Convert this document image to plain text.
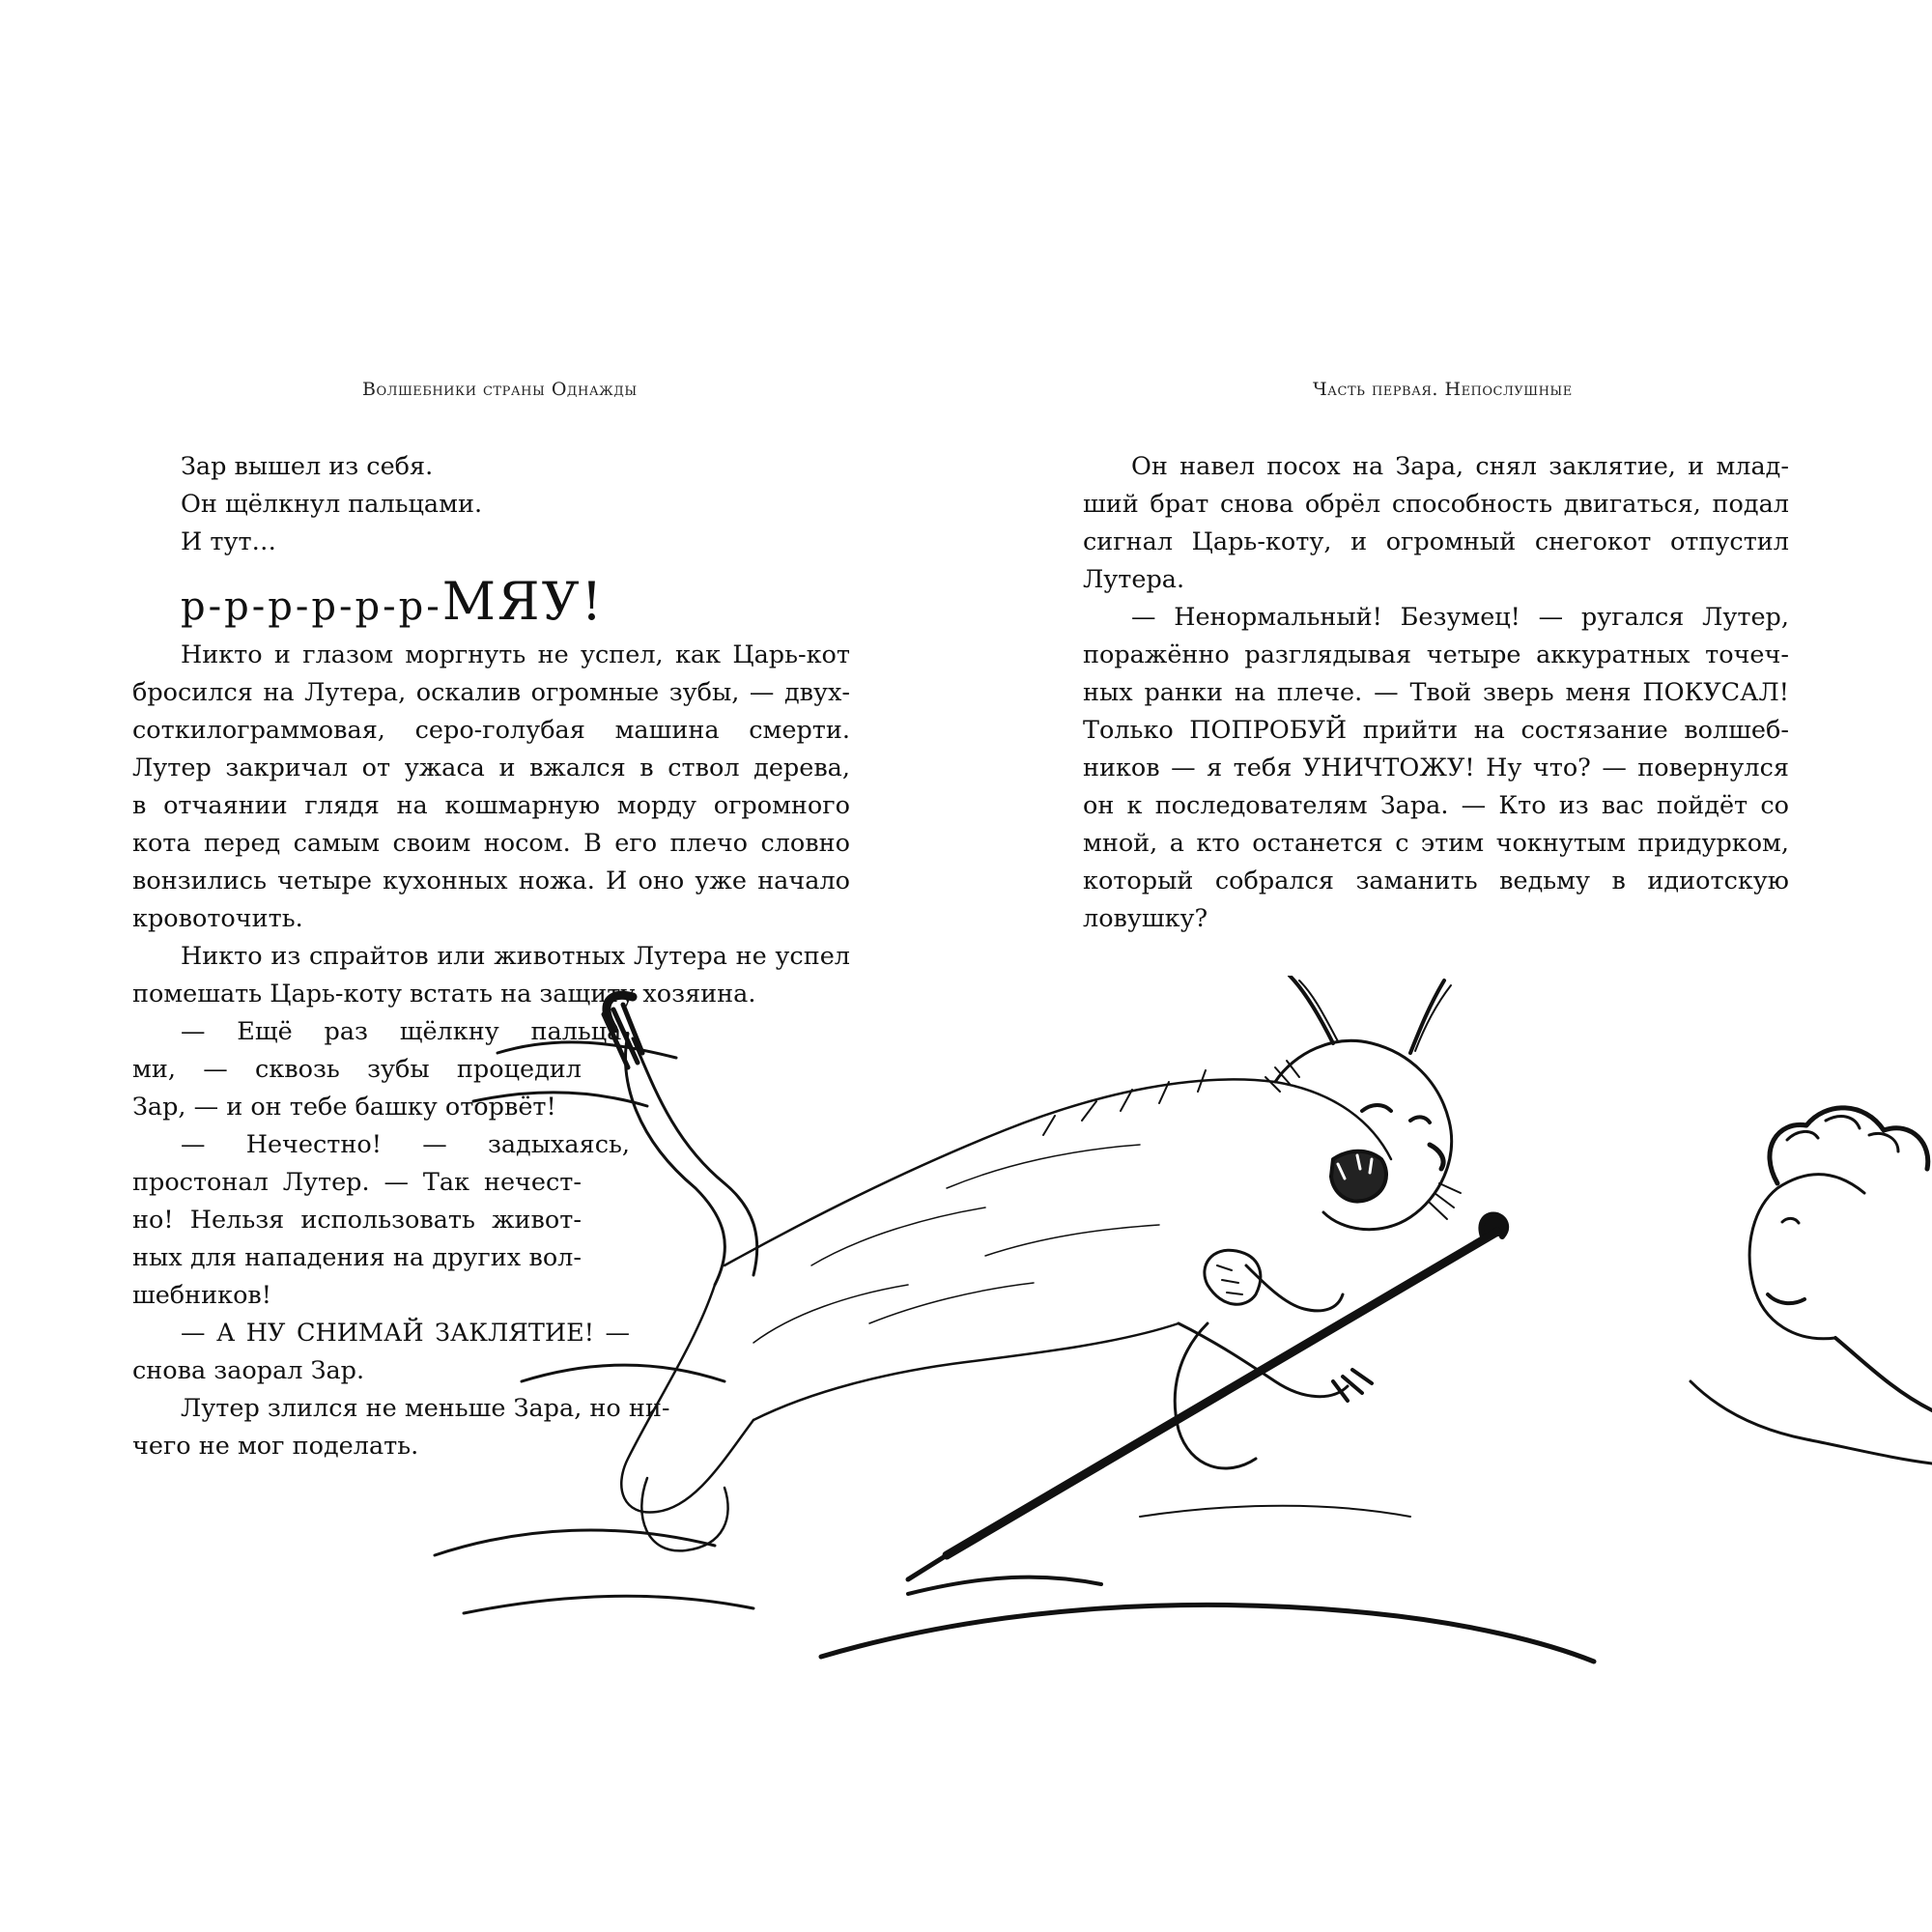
Волшебники страны Однажды
Зар вышел из себя.
Он щёлкнул пальцами.
И тут…
р-р-р-р-р-р-МЯУ!
Никто и глазом моргнуть не успел, как Царь-кот
бросился на Лутера, оскалив огромные зубы, — двух-
соткилограммовая, серо-голубая машина смерти.
Лутер закричал от ужаса и вжался в ствол дерева,
в отчаянии глядя на кошмарную морду огромного
кота перед самым своим носом. В его плечо словно
вонзились четыре кухонных ножа. И оно уже начало
кровоточить.
Никто из спрайтов или животных Лутера не успел
помешать Царь-коту встать на защиту хозяина.
— Ещё раз щёлкну пальца-
ми, — сквозь зубы процедил
Зар, — и он тебе башку оторвёт!
— Нечестно! — задыхаясь,
простонал Лутер. — Так нечест-
но! Нельзя использовать живот-
ных для нападения на других вол-
шебников!
— А НУ СНИМАЙ ЗАКЛЯТИЕ! —
снова заорал Зар.
Лутер злился не меньше Зара, но ни-
чего не мог поделать.
Часть первая. Непослушные
Он навел посох на Зара, снял заклятие, и млад-
ший брат снова обрёл способность двигаться, подал
сигнал Царь-коту, и огромный снегокот отпустил
Лутера.
— Ненормальный! Безумец! — ругался Лутер,
поражённо разглядывая четыре аккуратных точеч-
ных ранки на плече. — Твой зверь меня ПОКУСАЛ!
Только ПОПРОБУЙ прийти на состязание волшеб-
ников — я тебя УНИЧТОЖУ! Ну что? — повернулся
он к последователям Зара. — Кто из вас пойдёт со
мной, а кто останется с этим чокнутым придурком,
который собрался заманить ведьму в идиотскую
ловушку?
